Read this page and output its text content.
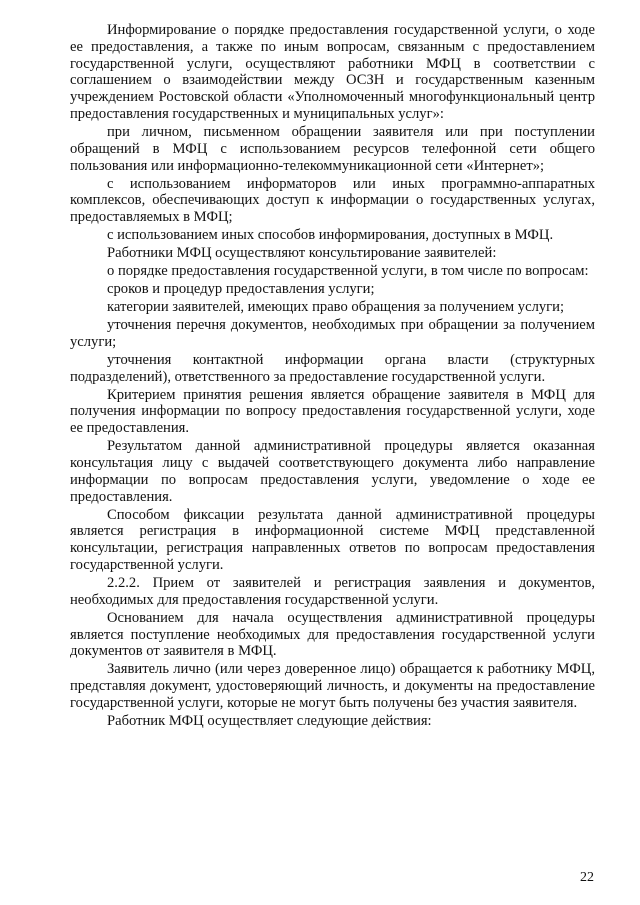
Информирование о порядке предоставления государственной услуги, о ходе ее предоставления, а также по иным вопросам, связанным с предоставлением государственной услуги, осуществляют работники МФЦ в соответствии с соглашением о взаимодействии между ОСЗН и государственным казенным учреждением Ростовской области «Уполномоченный многофункциональный центр предоставления государственных и муниципальных услуг»:

при личном, письменном обращении заявителя или при поступлении обращений в МФЦ с использованием ресурсов телефонной сети общего пользования или информационно-телекоммуникационной сети «Интернет»;

с использованием информаторов или иных программно-аппаратных комплексов, обеспечивающих доступ к информации о государственных услугах, предоставляемых в МФЦ;

с использованием иных способов информирования, доступных в МФЦ.

Работники МФЦ осуществляют консультирование заявителей:

о порядке предоставления государственной услуги, в том числе по вопросам:

сроков и процедур предоставления услуги;

категории заявителей, имеющих право обращения за получением услуги;

уточнения перечня документов, необходимых при обращении за получением услуги;

уточнения контактной информации органа власти (структурных подразделений), ответственного за предоставление государственной услуги.

Критерием принятия решения является обращение заявителя в МФЦ для получения информации по вопросу предоставления государственной услуги, ходе ее предоставления.

Результатом данной административной процедуры является оказанная консультация лицу с выдачей соответствующего документа либо направление информации по вопросам предоставления услуги, уведомление о ходе ее предоставления.

Способом фиксации результата данной административной процедуры является регистрация в информационной системе МФЦ представленной консультации, регистрация направленных ответов по вопросам предоставления государственной услуги.

2.2.2. Прием от заявителей и регистрация заявления и документов, необходимых для предоставления государственной услуги.

Основанием для начала осуществления административной процедуры является поступление необходимых для предоставления государственной услуги документов от заявителя в МФЦ.

Заявитель лично (или через доверенное лицо) обращается к работнику МФЦ, представляя документ, удостоверяющий личность, и документы на предоставление государственной услуги, которые не могут быть получены без участия заявителя.

Работник МФЦ осуществляет следующие действия:

22
